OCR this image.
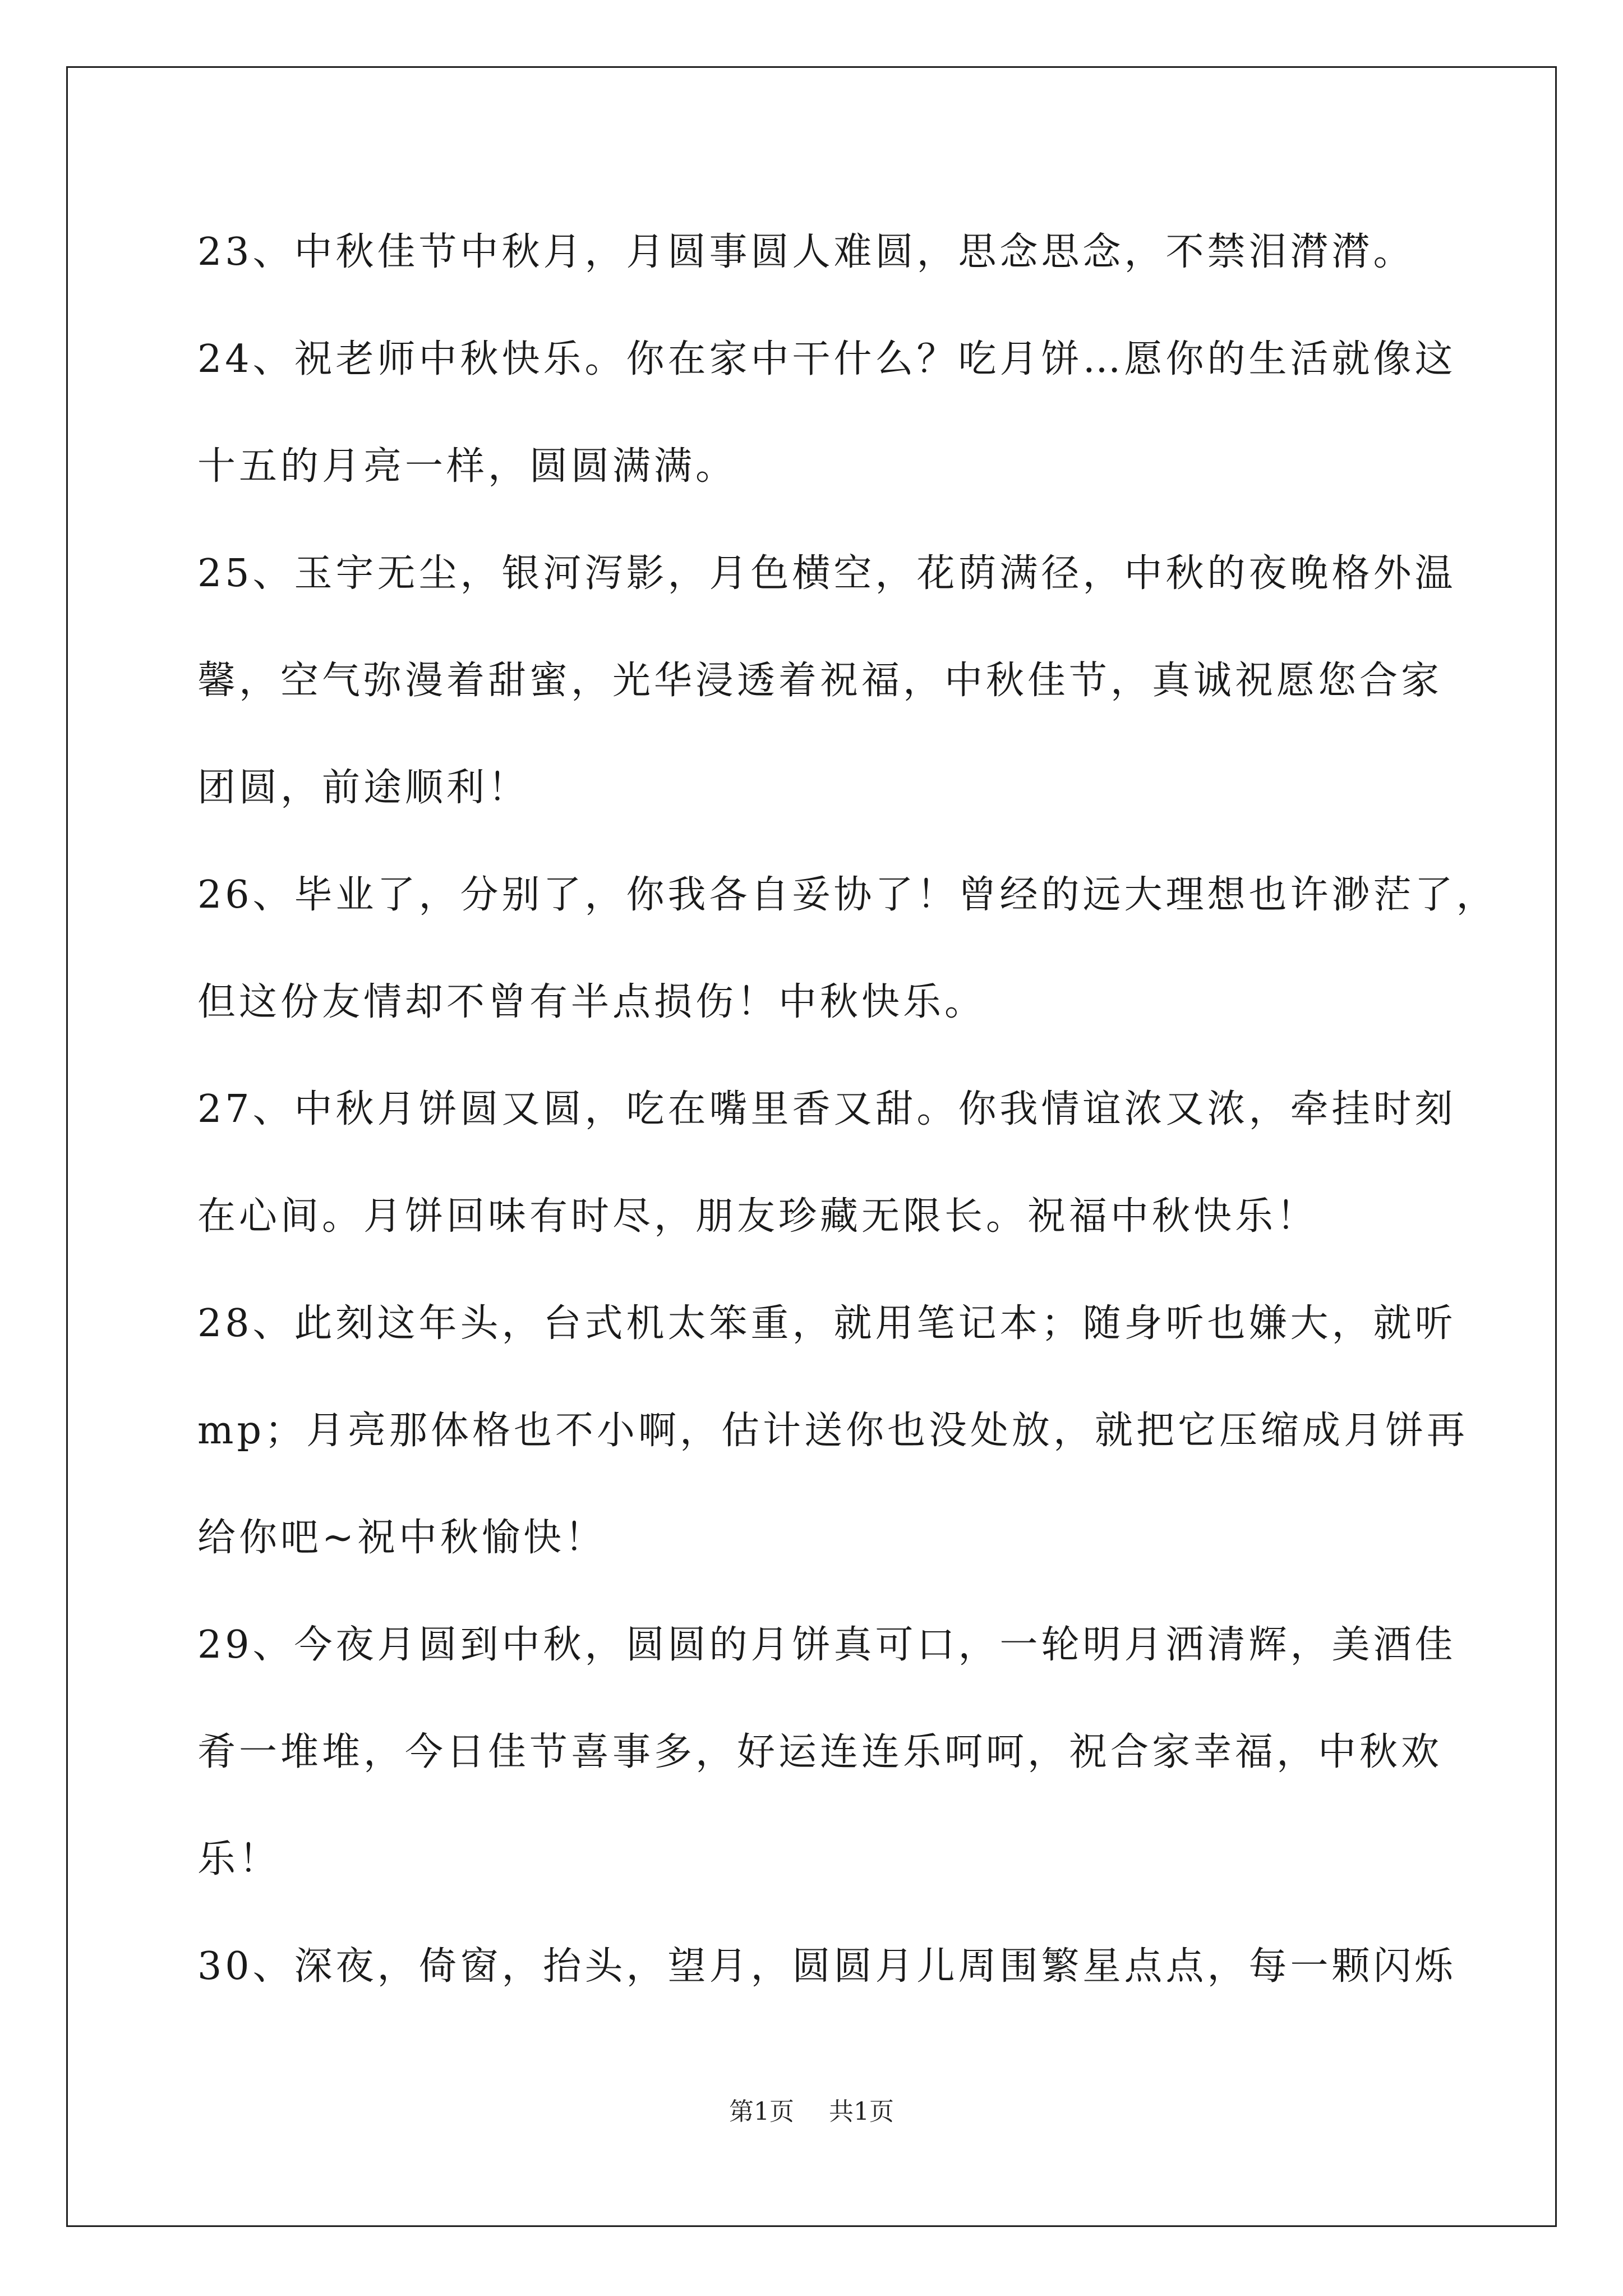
23、中秋佳节中秋月，月圆事圆人难圆，思念思念，不禁泪潸潸。
24、祝老师中秋快乐。你在家中干什么？吃月饼…愿你的生活就像这
十五的月亮一样，圆圆满满。
25、玉宇无尘，银河泻影，月色横空，花荫满径，中秋的夜晚格外温
馨，空气弥漫着甜蜜，光华浸透着祝福，中秋佳节，真诚祝愿您合家
团圆，前途顺利！
26、毕业了，分别了，你我各自妥协了！曾经的远大理想也许渺茫了，
但这份友情却不曾有半点损伤！中秋快乐。
27、中秋月饼圆又圆，吃在嘴里香又甜。你我情谊浓又浓，牵挂时刻
在心间。月饼回味有时尽，朋友珍藏无限长。祝福中秋快乐！
28、此刻这年头，台式机太笨重，就用笔记本；随身听也嫌大，就听
mp；月亮那体格也不小啊，估计送你也没处放，就把它压缩成月饼再
给你吧~祝中秋愉快！
29、今夜月圆到中秋，圆圆的月饼真可口，一轮明月洒清辉，美酒佳
肴一堆堆，今日佳节喜事多，好运连连乐呵呵，祝合家幸福，中秋欢
乐！
30、深夜，倚窗，抬头，望月，圆圆月儿周围繁星点点，每一颗闪烁
第1页 共1页
